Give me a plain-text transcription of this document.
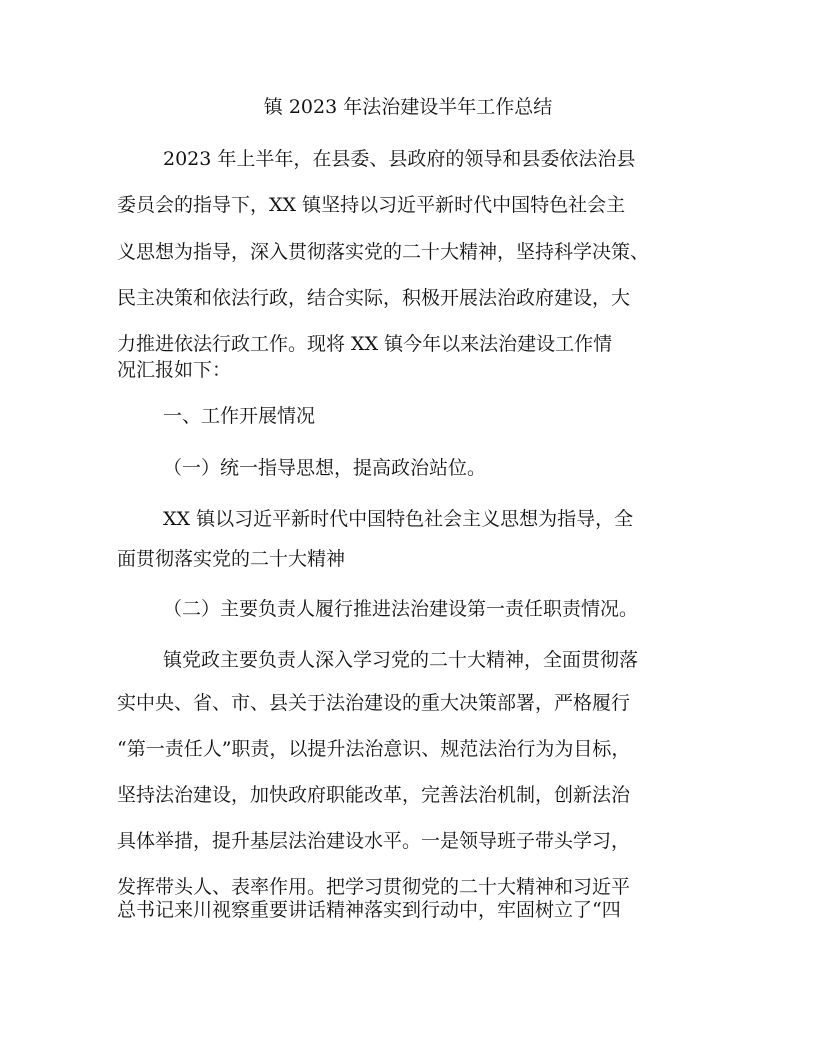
镇 2023 年法治建设半年工作总结
2023 年上半年，在县委、县政府的领导和县委依法治县
委员会的指导下，XX 镇坚持以习近平新时代中国特色社会主
义思想为指导，深入贯彻落实党的二十大精神，坚持科学决策、
民主决策和依法行政，结合实际，积极开展法治政府建设，大
力推进依法行政工作。现将 XX 镇今年以来法治建设工作情
况汇报如下：
一、工作开展情况
（一）统一指导思想，提高政治站位。
XX 镇以习近平新时代中国特色社会主义思想为指导，全
面贯彻落实党的二十大精神
（二）主要负责人履行推进法治建设第一责任职责情况。
镇党政主要负责人深入学习党的二十大精神，全面贯彻落
实中央、省、市、县关于法治建设的重大决策部署，严格履行
“第一责任人”职责，以提升法治意识、规范法治行为为目标，
坚持法治建设，加快政府职能改革，完善法治机制，创新法治
具体举措，提升基层法治建设水平。一是领导班子带头学习，
发挥带头人、表率作用。把学习贯彻党的二十大精神和习近平
总书记来川视察重要讲话精神落实到行动中，牢固树立了“四
